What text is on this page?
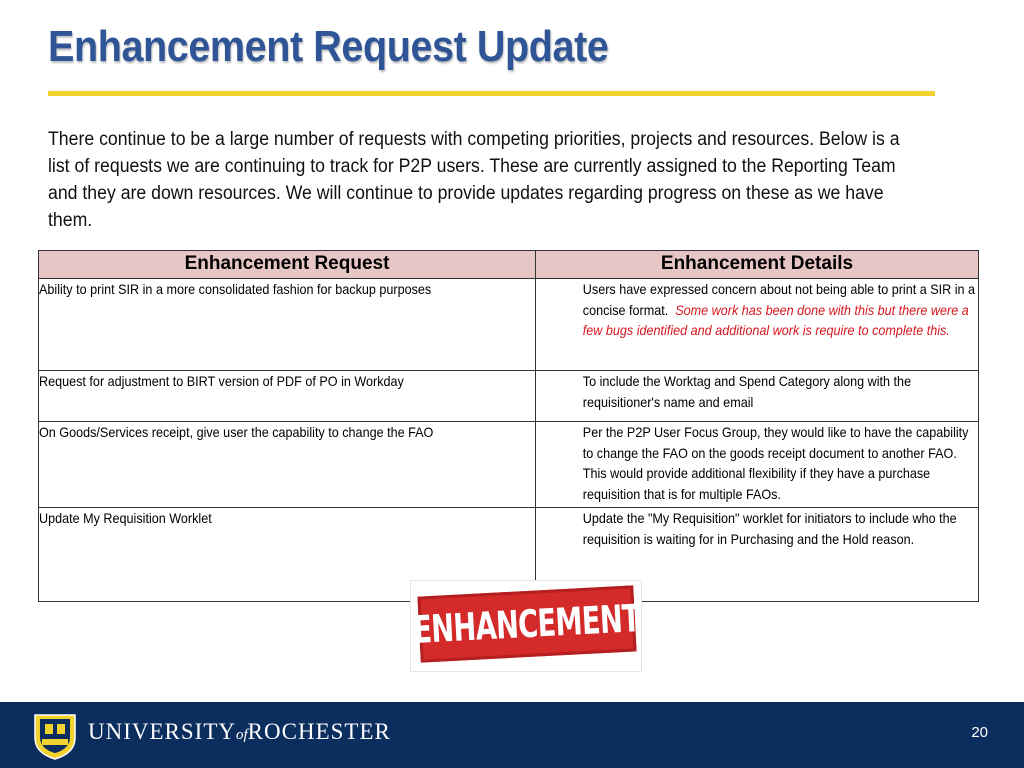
Enhancement Request Update
There continue to be a large number of requests with competing priorities, projects and resources. Below is a list of requests we are continuing to track for P2P users. These are currently assigned to the Reporting Team and they are down resources. We will continue to provide updates regarding progress on these as we have them.
Enhancement Request	Enhancement Details

Ability to print SIR in a more consolidated fashion for backup purposes	Users have expressed concern about not being able to print a SIR in a concise format. Some work has been done with this but there were a few bugs identified and additional work is require to complete this.

Request for adjustment to BIRT version of PDF of PO in Workday	To include the Worktag and Spend Category along with the requisitioner's name and email

On Goods/Services receipt, give user the capability to change the FAO	Per the P2P User Focus Group, they would like to have the capability to change the FAO on the goods receipt document to another FAO. This would provide additional flexibility if they have a purchase requisition that is for multiple FAOs.

Update My Requisition Worklet	Update the "My Requisition" worklet for initiators to include who the requisition is waiting for in Purchasing and the Hold reason.
ENHANCEMENT
UNIVERSITYofROCHESTER	20
